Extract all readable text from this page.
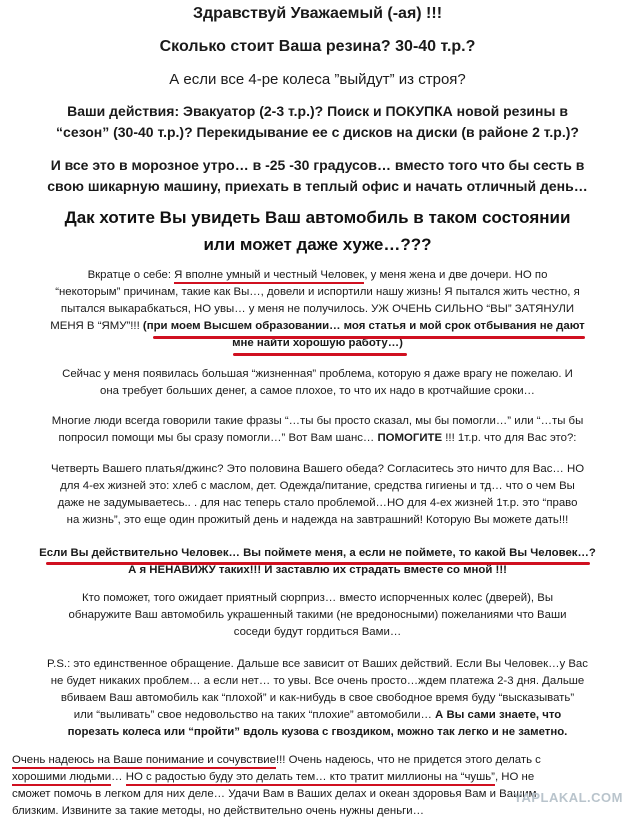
Здравствуй Уважаемый (-ая) !!!
Сколько стоит Ваша резина? 30-40 т.р.?
А если все 4-ре колеса ”выйдут” из строя?
Ваши действия: Эвакуатор (2-3 т.р.)? Поиск и ПОКУПКА новой резины в
“сезон” (30-40 т.р.)? Перекидывание ее с дисков на диски (в районе 2 т.р.)?
И все это в морозное утро… в -25 -30 градусов… вместо того что бы сесть в
свою шикарную машину, приехать в теплый офис и начать отличный день…
Дак хотите Вы увидеть Ваш автомобиль в таком состоянии
или может даже хуже…???
Вкратце о себе: Я вполне умный и честный Человек, у меня жена и две дочери. НО по
“некоторым” причинам, такие как Вы…, довели и испортили нашу жизнь! Я пытался жить честно, я
пытался выкарабкаться, НО увы… у меня не получилось. УЖ ОЧЕНЬ СИЛЬНО “ВЫ” ЗАТЯНУЛИ
МЕНЯ В “ЯМУ”!!! (при моем Высшем образовании… моя статья и мой срок отбывания не дают
мне найти хорошую работу…)
Сейчас у меня появилась большая “жизненная” проблема, которую я даже врагу не пожелаю. И
она требует больших денег, а самое плохое, то что их надо в кротчайшие сроки…
Многие люди всегда говорили такие фразы “…ты бы просто сказал, мы бы помогли…” или “…ты бы
попросил помощи мы бы сразу помогли…” Вот Вам шанс… ПОМОГИТЕ !!! 1т.р. что для Вас это?:
Четверть Вашего платья/джинс? Это половина Вашего обеда? Согласитесь это ничто для Вас… НО
для 4-ех жизней это: хлеб с маслом, дет. Одежда/питание, средства гигиены и тд… что о чем Вы
даже не задумываетесь.. . для нас теперь стало проблемой…НО для 4-ех жизней 1т.р. это “право
на жизнь”, это еще один прожитый день и надежда на завтрашний! Которую Вы можете дать!!!
Если Вы действительно Человек… Вы поймете меня, а если не поймете, то какой Вы Человек…?
А я НЕНАВИЖУ таких!!! И заставлю их страдать вместе со мной !!!
Кто поможет, того ожидает приятный сюрприз… вместо испорченных колес (дверей), Вы
обнаружите Ваш автомобиль украшенный такими (не вредоносными) пожеланиями что Ваши
соседи будут гордиться Вами…
P.S.: это единственное обращение. Дальше все зависит от Ваших действий. Если Вы Человек…у Вас
не будет никаких проблем… а если нет… то увы. Все очень просто…ждем платежа 2-3 дня. Дальше
вбиваем Ваш автомобиль как “плохой” и как-нибудь в свое свободное время буду “высказывать”
или “выливать” свое недовольство на таких “плохие” автомобили… А Вы сами знаете, что
порезать колеса или “пройти” вдоль кузова с гвоздиком, можно так легко и не заметно.
Очень надеюсь на Ваше понимание и сочувствие!!! Очень надеюсь, что не придется этого делать с
хорошими людьми… НО с радостью буду это делать тем… кто тратит миллионы на “чушь”, НО не
сможет помочь в легком для них деле… Удачи Вам в Ваших делах и океан здоровья Вам и Вашим
близким. Извините за такие методы, но действительно очень нужны деньги…
YAPLAKAL.COM
